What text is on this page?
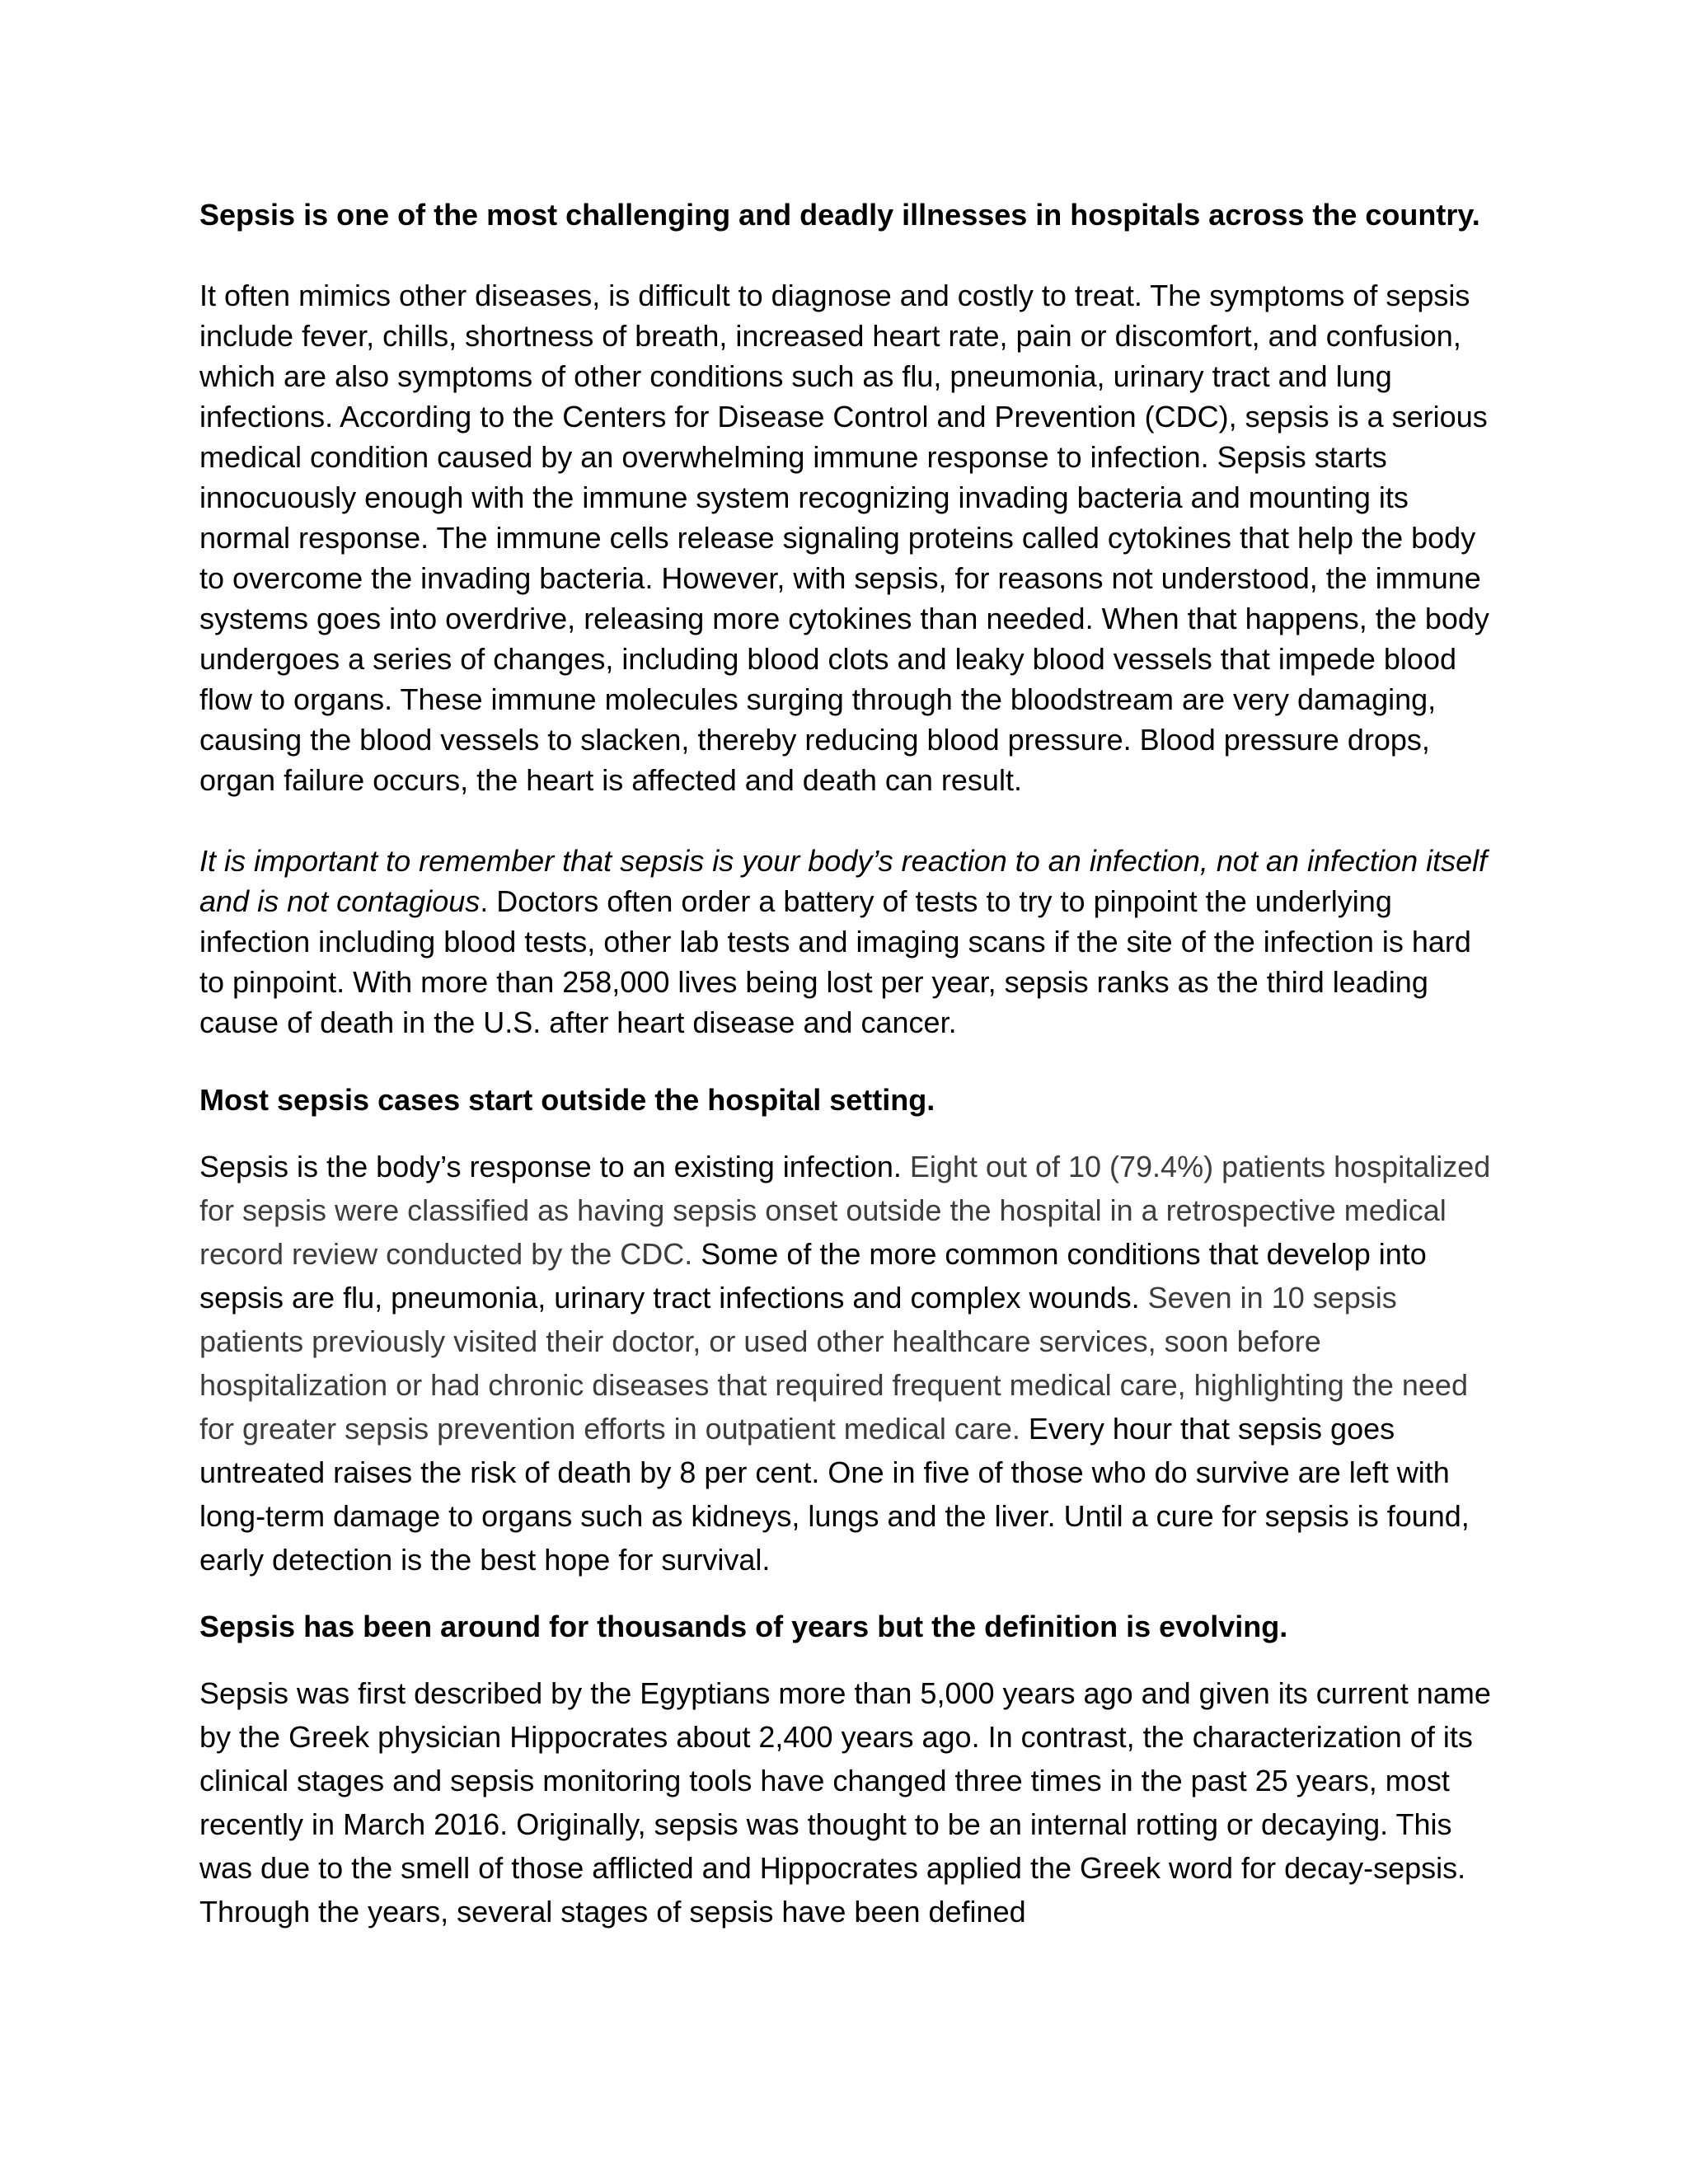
Sepsis is one of the most challenging and deadly illnesses in hospitals across the country.

It often mimics other diseases, is difficult to diagnose and costly to treat. The symptoms of sepsis include fever, chills, shortness of breath, increased heart rate, pain or discomfort, and confusion, which are also symptoms of other conditions such as flu, pneumonia, urinary tract and lung infections. According to the Centers for Disease Control and Prevention (CDC), sepsis is a serious medical condition caused by an overwhelming immune response to infection. Sepsis starts innocuously enough with the immune system recognizing invading bacteria and mounting its normal response. The immune cells release signaling proteins called cytokines that help the body to overcome the invading bacteria. However, with sepsis, for reasons not understood, the immune systems goes into overdrive, releasing more cytokines than needed. When that happens, the body undergoes a series of changes, including blood clots and leaky blood vessels that impede blood flow to organs. These immune molecules surging through the bloodstream are very damaging, causing the blood vessels to slacken, thereby reducing blood pressure. Blood pressure drops, organ failure occurs, the heart is affected and death can result.

It is important to remember that sepsis is your body’s reaction to an infection, not an infection itself and is not contagious. Doctors often order a battery of tests to try to pinpoint the underlying infection including blood tests, other lab tests and imaging scans if the site of the infection is hard to pinpoint. With more than 258,000 lives being lost per year, sepsis ranks as the third leading cause of death in the U.S. after heart disease and cancer.

Most sepsis cases start outside the hospital setting.

Sepsis is the body’s response to an existing infection. Eight out of 10 (79.4%) patients hospitalized for sepsis were classified as having sepsis onset outside the hospital in a retrospective medical record review conducted by the CDC. Some of the more common conditions that develop into sepsis are flu, pneumonia, urinary tract infections and complex wounds. Seven in 10 sepsis patients previously visited their doctor, or used other healthcare services, soon before hospitalization or had chronic diseases that required frequent medical care, highlighting the need for greater sepsis prevention efforts in outpatient medical care. Every hour that sepsis goes untreated raises the risk of death by 8 per cent. One in five of those who do survive are left with long-term damage to organs such as kidneys, lungs and the liver. Until a cure for sepsis is found, early detection is the best hope for survival.

Sepsis has been around for thousands of years but the definition is evolving.

Sepsis was first described by the Egyptians more than 5,000 years ago and given its current name by the Greek physician Hippocrates about 2,400 years ago. In contrast, the characterization of its clinical stages and sepsis monitoring tools have changed three times in the past 25 years, most recently in March 2016. Originally, sepsis was thought to be an internal rotting or decaying. This was due to the smell of those afflicted and Hippocrates applied the Greek word for decay-sepsis. Through the years, several stages of sepsis have been defined
